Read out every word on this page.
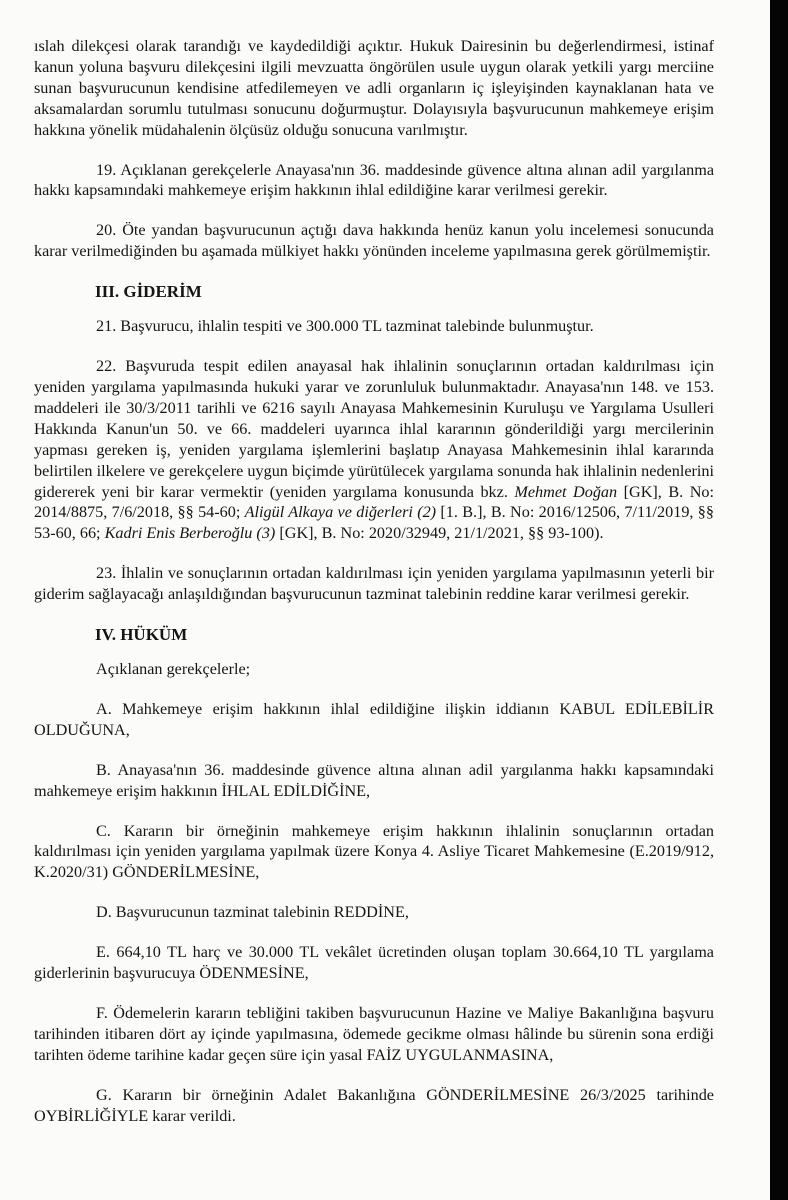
ıslah dilekçesi olarak tarandığı ve kaydedildiği açıktır. Hukuk Dairesinin bu değerlendirmesi, istinaf kanun yoluna başvuru dilekçesini ilgili mevzuatta öngörülen usule uygun olarak yetkili yargı merciine sunan başvurucunun kendisine atfedilemeyen ve adli organların iç işleyişinden kaynaklanan hata ve aksamalardan sorumlu tutulması sonucunu doğurmuştur. Dolayısıyla başvurucunun mahkemeye erişim hakkına yönelik müdahalenin ölçüsüz olduğu sonucuna varılmıştır.

19. Açıklanan gerekçelerle Anayasa'nın 36. maddesinde güvence altına alınan adil yargılanma hakkı kapsamındaki mahkemeye erişim hakkının ihlal edildiğine karar verilmesi gerekir.

20. Öte yandan başvurucunun açtığı dava hakkında henüz kanun yolu incelemesi sonucunda karar verilmediğinden bu aşamada mülkiyet hakkı yönünden inceleme yapılmasına gerek görülmemiştir.

III. GİDERİM

21. Başvurucu, ihlalin tespiti ve 300.000 TL tazminat talebinde bulunmuştur.

22. Başvuruda tespit edilen anayasal hak ihlalinin sonuçlarının ortadan kaldırılması için yeniden yargılama yapılmasında hukuki yarar ve zorunluluk bulunmaktadır. Anayasa'nın 148. ve 153. maddeleri ile 30/3/2011 tarihli ve 6216 sayılı Anayasa Mahkemesinin Kuruluşu ve Yargılama Usulleri Hakkında Kanun'un 50. ve 66. maddeleri uyarınca ihlal kararının gönderildiği yargı mercilerinin yapması gereken iş, yeniden yargılama işlemlerini başlatıp Anayasa Mahkemesinin ihlal kararında belirtilen ilkelere ve gerekçelere uygun biçimde yürütülecek yargılama sonunda hak ihlalinin nedenlerini gidererek yeni bir karar vermektir (yeniden yargılama konusunda bkz. Mehmet Doğan [GK], B. No: 2014/8875, 7/6/2018, §§ 54-60; Aligül Alkaya ve diğerleri (2) [1. B.], B. No: 2016/12506, 7/11/2019, §§ 53-60, 66; Kadri Enis Berberoğlu (3) [GK], B. No: 2020/32949, 21/1/2021, §§ 93-100).

23. İhlalin ve sonuçlarının ortadan kaldırılması için yeniden yargılama yapılmasının yeterli bir giderim sağlayacağı anlaşıldığından başvurucunun tazminat talebinin reddine karar verilmesi gerekir.

IV. HÜKÜM

Açıklanan gerekçelerle;

A. Mahkemeye erişim hakkının ihlal edildiğine ilişkin iddianın KABUL EDİLEBİLİR OLDUĞUNA,

B. Anayasa'nın 36. maddesinde güvence altına alınan adil yargılanma hakkı kapsamındaki mahkemeye erişim hakkının İHLAL EDİLDİĞİNE,

C. Kararın bir örneğinin mahkemeye erişim hakkının ihlalinin sonuçlarının ortadan kaldırılması için yeniden yargılama yapılmak üzere Konya 4. Asliye Ticaret Mahkemesine (E.2019/912, K.2020/31) GÖNDERİLMESİNE,

D. Başvurucunun tazminat talebinin REDDİNE,

E. 664,10 TL harç ve 30.000 TL vekâlet ücretinden oluşan toplam 30.664,10 TL yargılama giderlerinin başvurucuya ÖDENMESİNE,

F. Ödemelerin kararın tebliğini takiben başvurucunun Hazine ve Maliye Bakanlığına başvuru tarihinden itibaren dört ay içinde yapılmasına, ödemede gecikme olması hâlinde bu sürenin sona erdiği tarihten ödeme tarihine kadar geçen süre için yasal FAİZ UYGULANMASINA,

G. Kararın bir örneğinin Adalet Bakanlığına GÖNDERİLMESİNE 26/3/2025 tarihinde OYBİRLİĞİYLE karar verildi.
